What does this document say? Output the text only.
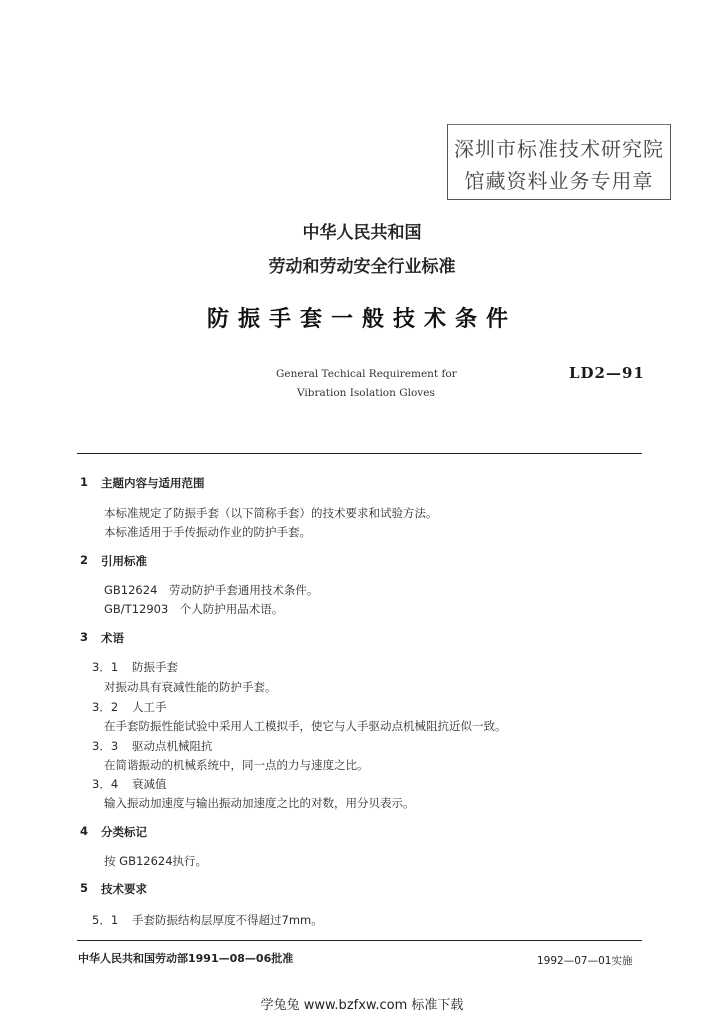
深圳市标准技术研究院
馆藏资料业务专用章
中华人民共和国
劳动和劳动安全行业标准
防振手套一般技术条件
General Techical Requirement for
Vibration Isolation Gloves
LD2—91
1 主题内容与适用范围
本标准规定了防振手套（以下简称手套）的技术要求和试验方法。
本标准适用于手传振动作业的防护手套。
2 引用标准
GB12624　劳动防护手套通用技术条件。
GB/T12903　个人防护用品术语。
3 术语
3．1 防振手套
对振动具有衰减性能的防护手套。
3．2 人工手
在手套防振性能试验中采用人工模拟手，使它与人手驱动点机械阻抗近似一致。
3．3 驱动点机械阻抗
在简谐振动的机械系统中，同一点的力与速度之比。
3．4 衰减值
输入振动加速度与输出振动加速度之比的对数，用分贝表示。
4 分类标记
按 GB12624执行。
5 技术要求
5．1 手套防振结构层厚度不得超过7mm。
中华人民共和国劳动部1991—08—06批准	1992—07—01实施
学兔兔 www.bzfxw.com 标准下载
